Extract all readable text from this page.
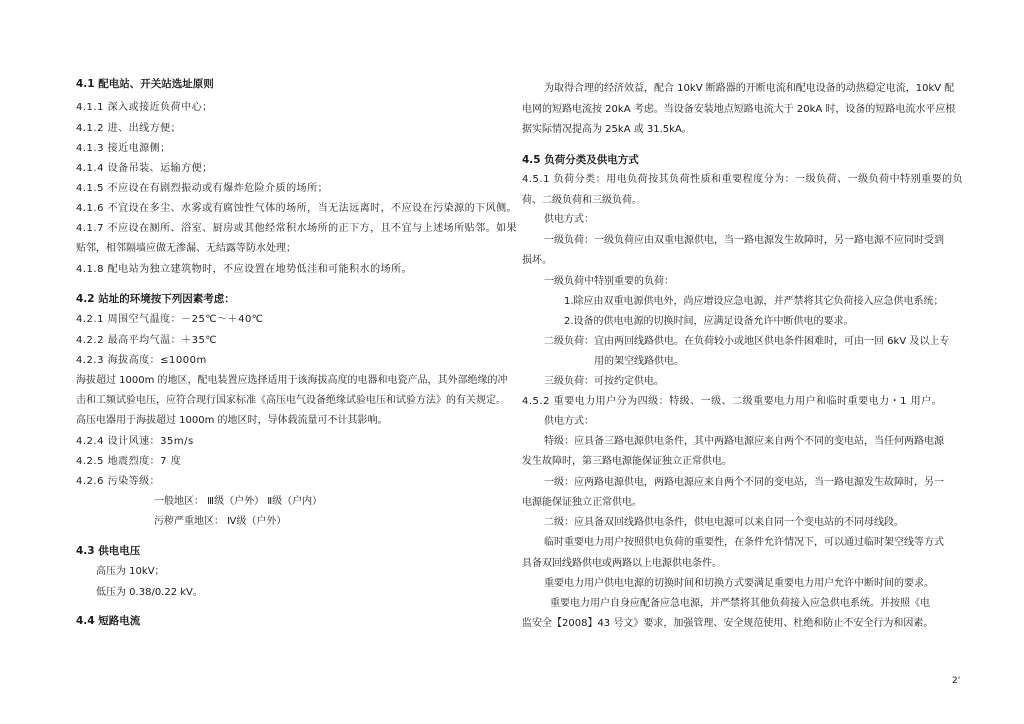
4.1 配电站、开关站选址原则
4.1.1 深入或接近负荷中心；
4.1.2 进、出线方便；
4.1.3 接近电源侧；
4.1.4 设备吊装、运输方便；
4.1.5 不应设在有剧烈振动或有爆炸危险介质的场所；
4.1.6 不宜设在多尘、水雾或有腐蚀性气体的场所，当无法远离时，不应设在污染源的下风侧。
4.1.7 不应设在厕所、浴室、厨房或其他经常积水场所的正下方，且不宜与上述场所贴邻。如果
贴邻，相邻隔墙应做无渗漏、无结露等防水处理；
4.1.8 配电站为独立建筑物时，不应设置在地势低洼和可能积水的场所。
4.2 站址的环境按下列因素考虑：
4.2.1 周围空气温度：－25℃～＋40℃
4.2.2 最高平均气温：＋35℃
4.2.3 海拔高度：≤1000m
海拔超过 1000m 的地区，配电装置应选择适用于该海拔高度的电器和电瓷产品，其外部绝缘的冲
击和工频试验电压，应符合现行国家标准《高压电气设备绝缘试验电压和试验方法》的有关规定。
高压电器用于海拔超过 1000m 的地区时，导体载流量可不计其影响。
4.2.4 设计风速：35m/s
4.2.5 地震烈度：7 度
4.2.6 污染等级：
一般地区： Ⅲ级（户外） Ⅱ级（户内）
污秽严重地区： Ⅳ级（户外）
4.3 供电电压
高压为 10kV；
低压为 0.38/0.22 kV。
4.4 短路电流
为取得合理的经济效益，配合 10kV 断路器的开断电流和配电设备的动热稳定电流，10kV 配
电网的短路电流按 20kA 考虑。当设备安装地点短路电流大于 20kA 时，设备的短路电流水平应根
据实际情况提高为 25kA 或 31.5kA。
4.5 负荷分类及供电方式
4.5.1 负荷分类：用电负荷按其负荷性质和重要程度分为：一级负荷、一级负荷中特别重要的负
荷、二级负荷和三级负荷。
供电方式：
一级负荷：一级负荷应由双重电源供电，当一路电源发生故障时，另一路电源不应同时受到
损坏。
一级负荷中特别重要的负荷：
1.除应由双重电源供电外，尚应增设应急电源，并严禁将其它负荷接入应急供电系统；
2.设备的供电电源的切换时间，应满足设备允许中断供电的要求。
二级负荷：宜由两回线路供电。在负荷较小或地区供电条件困难时，可由一回 6kV 及以上专
用的架空线路供电。
三级负荷：可按约定供电。
4.5.2 重要电力用户分为四级：特级、一级、二级重要电力用户和临时重要电力・1 用户。
供电方式：
特级：应具备三路电源供电条件，其中两路电源应来自两个不同的变电站，当任何两路电源
发生故障时，第三路电源能保证独立正常供电。
一级：应两路电源供电，两路电源应来自两个不同的变电站，当一路电源发生故障时，另一
电源能保证独立正常供电。
二级：应具备双回线路供电条件，供电电源可以来自同一个变电站的不同母线段。
临时重要电力用户按照供电负荷的重要性，在条件允许情况下，可以通过临时架空线等方式
具备双回线路供电或两路以上电源供电条件。
重要电力用户供电电源的切换时间和切换方式要满足重要电力用户允许中断时间的要求。
重要电力用户自身应配备应急电源，并严禁将其他负荷接入应急供电系统。并按照《电
监安全【2008】43 号文》要求，加强管理、安全规范使用、杜绝和防止不安全行为和因素。
2'
